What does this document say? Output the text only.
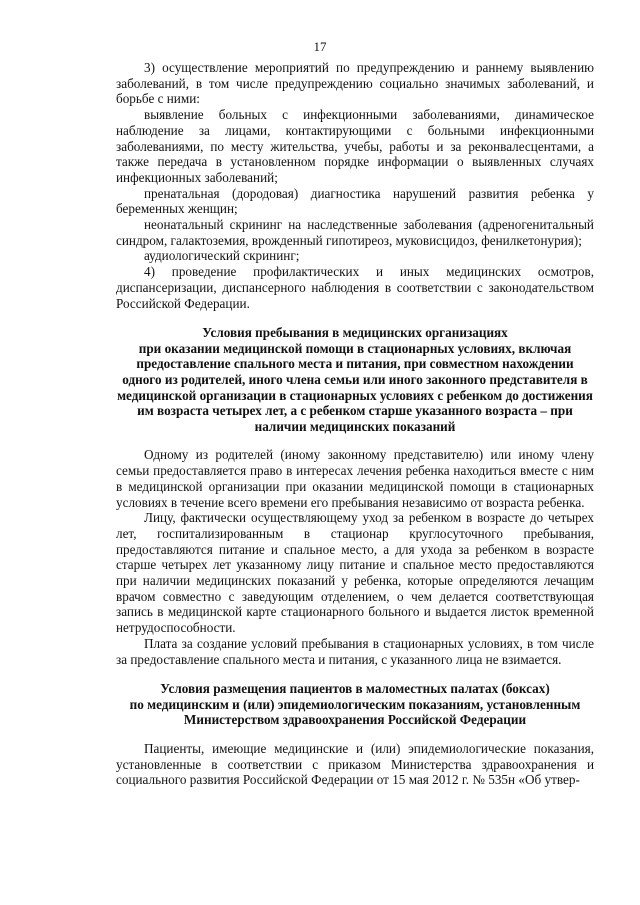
17

3) осуществление мероприятий по предупреждению и раннему выявлению заболеваний, в том числе предупреждению социально значимых заболеваний, и борьбе с ними:

выявление больных с инфекционными заболеваниями, динамическое наблюдение за лицами, контактирующими с больными инфекционными заболеваниями, по месту жительства, учебы, работы и за реконвалесцентами, а также передача в установленном порядке информации о выявленных случаях инфекционных заболеваний;

пренатальная (дородовая) диагностика нарушений развития ребенка у беременных женщин;

неонатальный скрининг на наследственные заболевания (адреногенитальный синдром, галактоземия, врожденный гипотиреоз, муковисцидоз, фенилкетонурия);

аудиологический скрининг;

4) проведение профилактических и иных медицинских осмотров, диспансеризации, диспансерного наблюдения в соответствии с законодательством Российской Федерации.

Условия пребывания в медицинских организациях

при оказании медицинской помощи в стационарных условиях, включая предоставление спального места и питания, при совместном нахождении одного из родителей, иного члена семьи или иного законного представителя в медицинской организации в стационарных условиях с ребенком до достижения им возраста четырех лет, а с ребенком старше указанного возраста – при наличии медицинских показаний

Одному из родителей (иному законному представителю) или иному члену семьи предоставляется право в интересах лечения ребенка находиться вместе с ним в медицинской организации при оказании медицинской помощи в стационарных условиях в течение всего времени его пребывания независимо от возраста ребенка.

Лицу, фактически осуществляющему уход за ребенком в возрасте до четырех лет, госпитализированным в стационар круглосуточного пребывания, предоставляются питание и спальное место, а для ухода за ребенком в возрасте старше четырех лет указанному лицу питание и спальное место предоставляются при наличии медицинских показаний у ребенка, которые определяются лечащим врачом совместно с заведующим отделением, о чем делается соответствующая запись в медицинской карте стационарного больного и выдается листок временной нетрудоспособности.

Плата за создание условий пребывания в стационарных условиях, в том числе за предоставление спального места и питания, с указанного лица не взимается.

Условия размещения пациентов в маломестных палатах (боксах)

по медицинским и (или) эпидемиологическим показаниям, установленным

Министерством здравоохранения Российской Федерации

Пациенты, имеющие медицинские и (или) эпидемиологические показания, установленные в соответствии с приказом Министерства здравоохранения и социального развития Российской Федерации от 15 мая 2012 г. № 535н «Об утвер-
